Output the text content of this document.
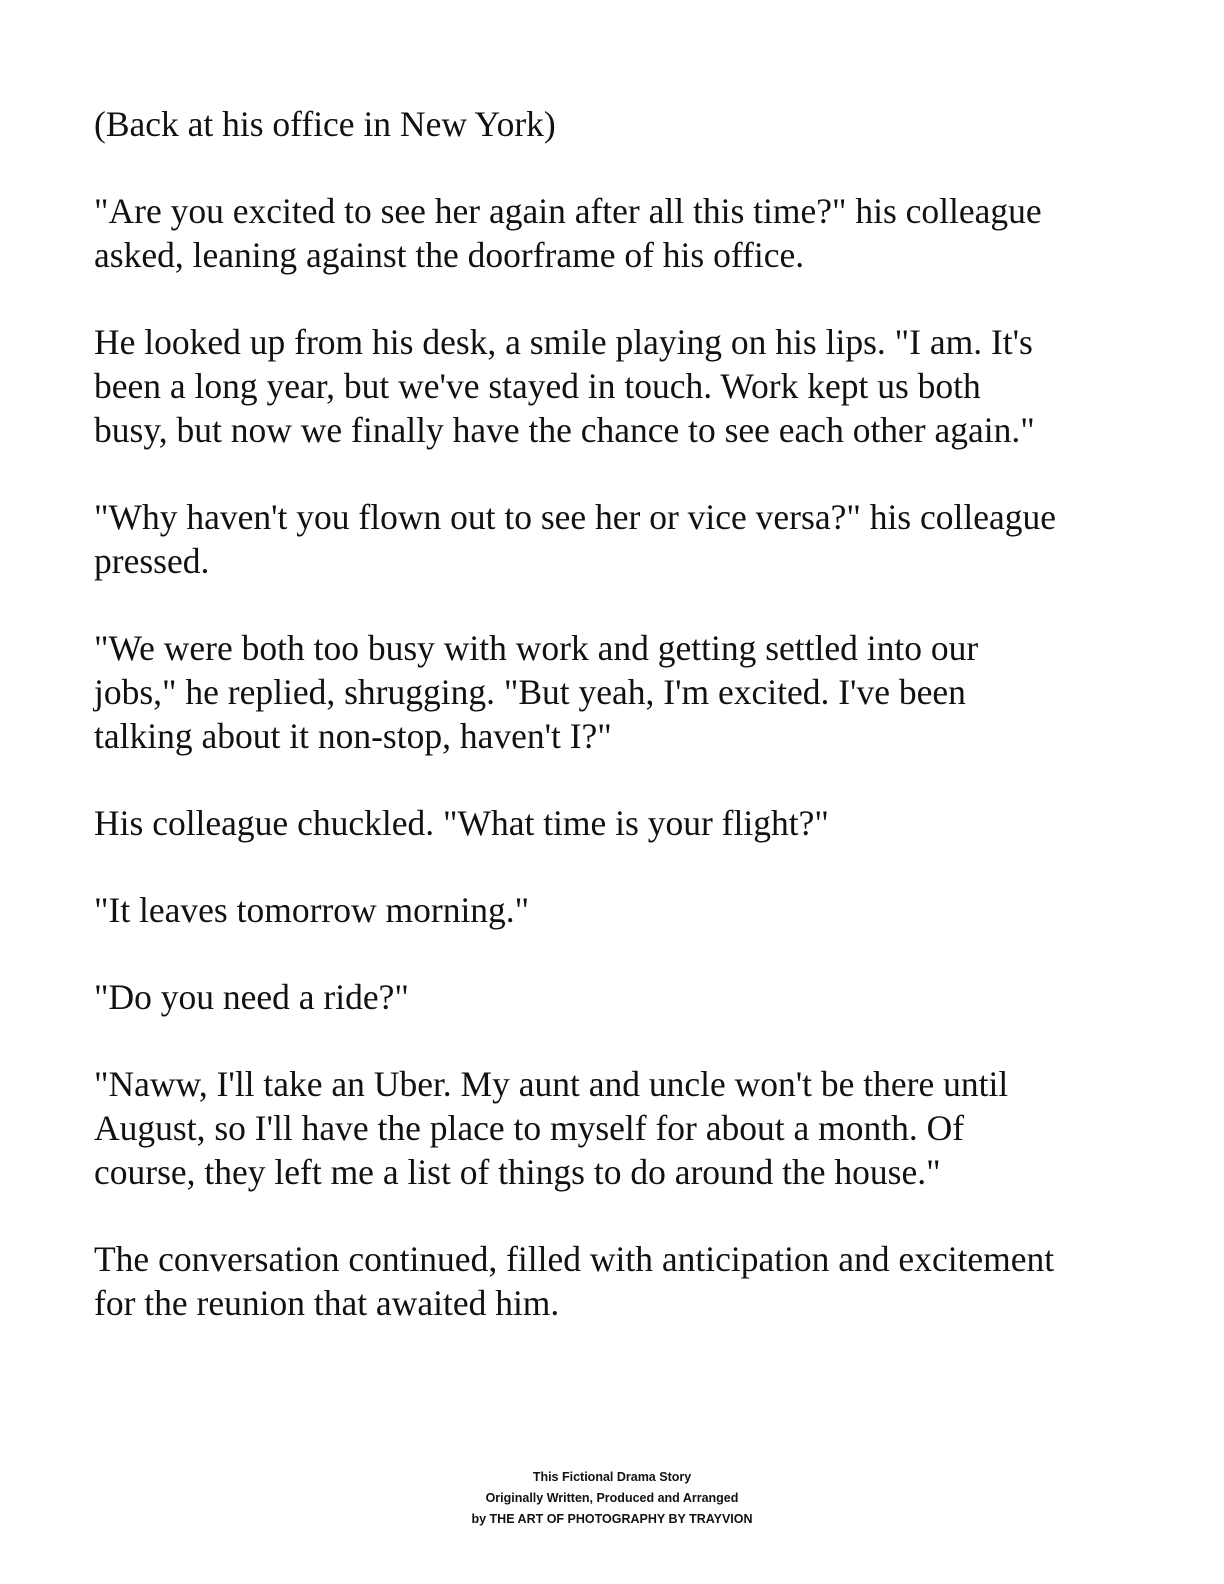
(Back at his office in New York)

"Are you excited to see her again after all this time?" his colleague
asked, leaning against the doorframe of his office.

He looked up from his desk, a smile playing on his lips. "I am. It's
been a long year, but we've stayed in touch. Work kept us both
busy, but now we finally have the chance to see each other again."

"Why haven't you flown out to see her or vice versa?" his colleague
pressed.

"We were both too busy with work and getting settled into our
jobs," he replied, shrugging. "But yeah, I'm excited. I've been
talking about it non-stop, haven't I?"

His colleague chuckled. "What time is your flight?"

"It leaves tomorrow morning."

"Do you need a ride?"

"Naww, I'll take an Uber. My aunt and uncle won't be there until
August, so I'll have the place to myself for about a month. Of
course, they left me a list of things to do around the house."

The conversation continued, filled with anticipation and excitement
for the reunion that awaited him.

This Fictional Drama Story
Originally Written, Produced and Arranged
by THE ART OF PHOTOGRAPHY BY TRAYVION
